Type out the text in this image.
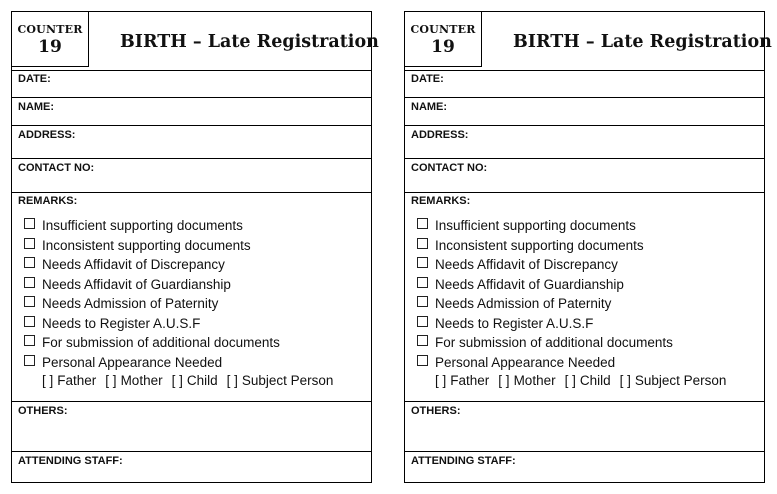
COUNTER
19	BIRTH – Late Registration
DATE:
NAME:
ADDRESS:
CONTACT NO:
REMARKS:
Insufficient supporting documents
Inconsistent supporting documents
Needs Affidavit of Discrepancy
Needs Affidavit of Guardianship
Needs Admission of Paternity
Needs to Register A.U.S.F
For submission of additional documents
Personal Appearance Needed
[ ] Father [ ] Mother [ ] Child [ ] Subject Person
OTHERS:
ATTENDING STAFF:
COUNTER
19	BIRTH – Late Registration
DATE:
NAME:
ADDRESS:
CONTACT NO:
REMARKS:
Insufficient supporting documents
Inconsistent supporting documents
Needs Affidavit of Discrepancy
Needs Affidavit of Guardianship
Needs Admission of Paternity
Needs to Register A.U.S.F
For submission of additional documents
Personal Appearance Needed
[ ] Father [ ] Mother [ ] Child [ ] Subject Person
OTHERS:
ATTENDING STAFF:
